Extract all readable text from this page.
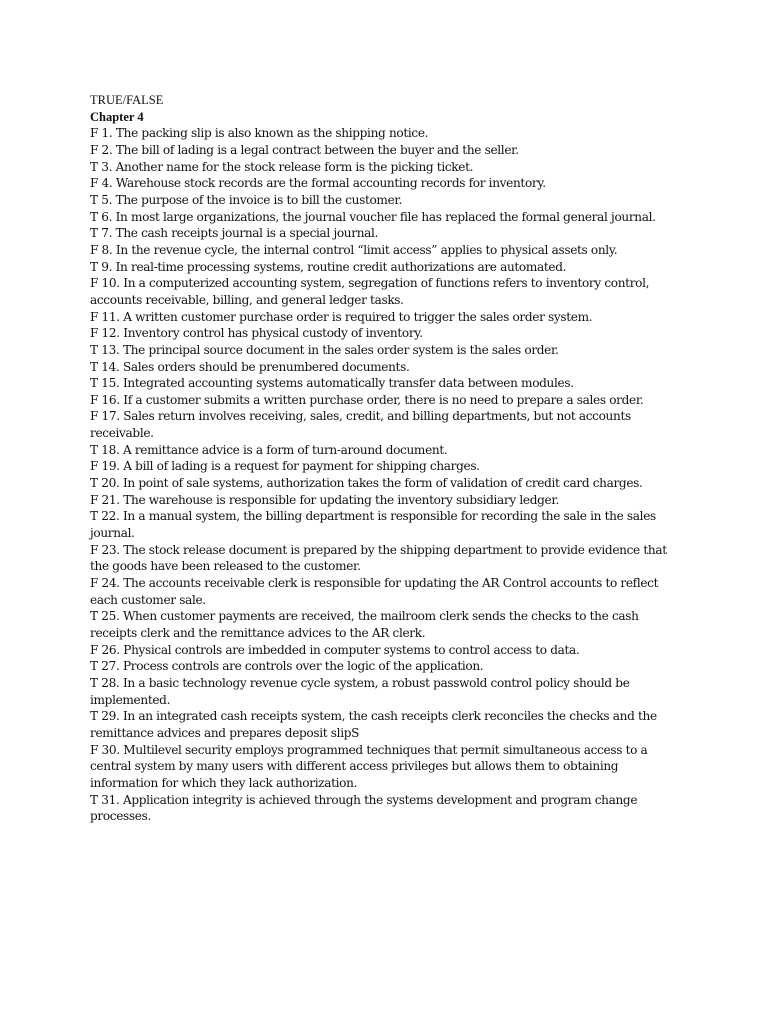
TRUE/FALSE

Chapter 4

F 1. The packing slip is also known as the shipping notice.

F 2. The bill of lading is a legal contract between the buyer and the seller.

T 3. Another name for the stock release form is the picking ticket.

F 4. Warehouse stock records are the formal accounting records for inventory.

T 5. The purpose of the invoice is to bill the customer.

T 6. In most large organizations, the journal voucher file has replaced the formal general journal.

T 7. The cash receipts journal is a special journal.

F 8. In the revenue cycle, the internal control “limit access” applies to physical assets only.

T 9. In real-time processing systems, routine credit authorizations are automated.

F 10. In a computerized accounting system, segregation of functions refers to inventory control,

accounts receivable, billing, and general ledger tasks.

F 11. A written customer purchase order is required to trigger the sales order system.

F 12. Inventory control has physical custody of inventory.

T 13. The principal source document in the sales order system is the sales order.

T 14. Sales orders should be prenumbered documents.

T 15. Integrated accounting systems automatically transfer data between modules.

F 16. If a customer submits a written purchase order, there is no need to prepare a sales order.

F 17. Sales return involves receiving, sales, credit, and billing departments, but not accounts

receivable.

T 18. A remittance advice is a form of turn-around document.

F 19. A bill of lading is a request for payment for shipping charges.

T 20. In point of sale systems, authorization takes the form of validation of credit card charges.

F 21. The warehouse is responsible for updating the inventory subsidiary ledger.

T 22. In a manual system, the billing department is responsible for recording the sale in the sales

journal.

F 23. The stock release document is prepared by the shipping department to provide evidence that

the goods have been released to the customer.

F 24. The accounts receivable clerk is responsible for updating the AR Control accounts to reflect

each customer sale.

T 25. When customer payments are received, the mailroom clerk sends the checks to the cash

receipts clerk and the remittance advices to the AR clerk.

F 26. Physical controls are imbedded in computer systems to control access to data.

T 27. Process controls are controls over the logic of the application.

T 28. In a basic technology revenue cycle system, a robust passwold control policy should be

implemented.

T 29. In an integrated cash receipts system, the cash receipts clerk reconciles the checks and the

remittance advices and prepares deposit slipS

F 30. Multilevel security employs programmed techniques that permit simultaneous access to a

central system by many users with different access privileges but allows them to obtaining

information for which they lack authorization.

T 31. Application integrity is achieved through the systems development and program change

processes.
